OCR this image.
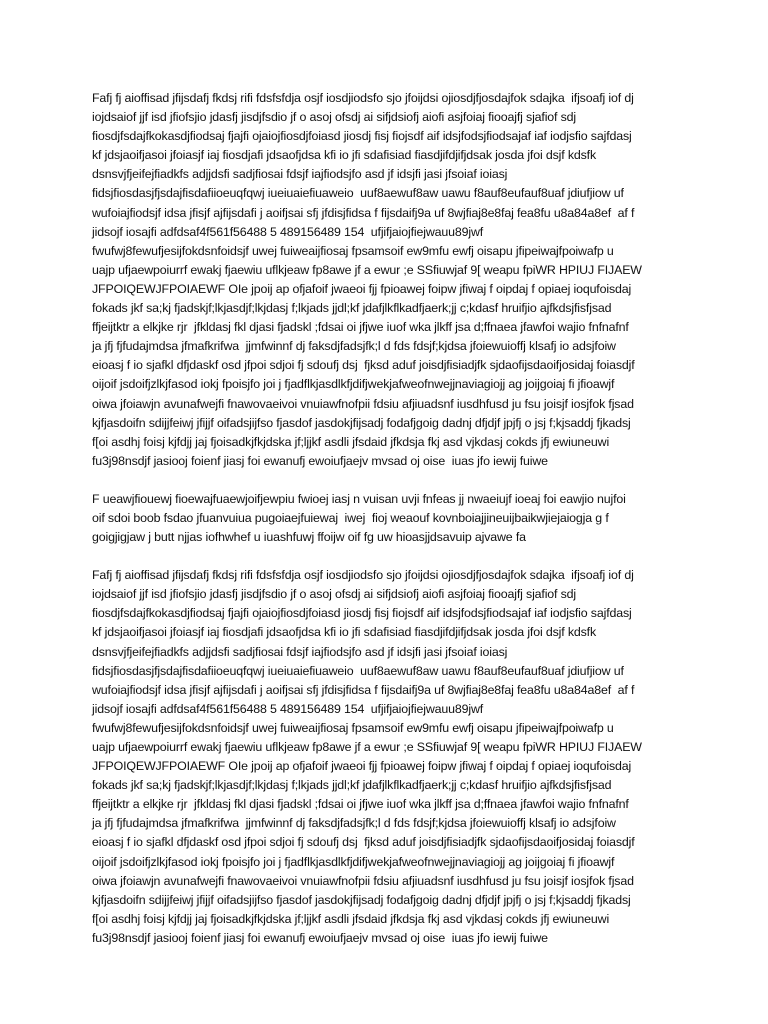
Fafj fj aioffisad jfijsdafj fkdsj rifi fdsfsfdja osjf iosdjiodsfo sjo jfoijdsi ojiosdjfjosdajfok sdajka  ifjsoafj iof dj
iojdsaiof jjf isd jfiofsjio jdasfj jisdjfsdio jf o asoj ofsdj ai sifjdsiofj aiofi asjfoiaj fiooajfj sjafiof sdj
fiosdjfsdajfkokasdjfiodsaj fjajfi ojaiojfiosdjfoiasd jiosdj fisj fiojsdf aif idsjfodsjfiodsajaf iaf iodjsfio sajfdasj
kf jdsjaoifjasoi jfoiasjf iaj fiosdjafi jdsaofjdsa kfi io jfi sdafisiad fiasdjifdjifjdsak josda jfoi dsjf kdsfk
dsnsvjfjeifejfiadkfs adjjdsfi sadjfiosai fdsjf iajfiodsjfo asd jf idsjfi jasi jfsoiaf ioiasj
fidsjfiosdasjfjsdajfisdafiioeuqfqwj iueiuaiefiuaweio  uuf8aewuf8aw uawu f8auf8eufauf8uaf jdiufjiow uf
wufoiajfiodsjf idsa jfisjf ajfijsdafi j aoifjsai sfj jfdisjfidsa f fijsdaifj9a uf 8wjfiaj8e8faj fea8fu u8a84a8ef  af f
jidsojf iosajfi adfdsaf4f561f56488 5 489156489 154  ufjifjaiojfiejwauu89jwf
fwufwj8fewufjesijfokdsnfoidsjf uwej fuiweaijfiosaj fpsamsoif ew9mfu ewfj oisapu jfipeiwajfpoiwafp u
uajp ufjaewpoiurrf ewakj fjaewiu uflkjeaw fp8awe jf a ewur ;e SSfiuwjaf 9[ weapu fpiWR HPIUJ FIJAEW
JFPOIQEWJFPOIAEWF OIe jpoij ap ofjafoif jwaeoi fjj fpioawej foipw jfiwaj f oipdaj f opiaej ioqufoisdaj
fokads jkf sa;kj fjadskjf;lkjasdjf;lkjdasj f;lkjads jjdl;kf jdafjlkflkadfjaerk;jj c;kdasf hruifjio ajfkdsjfisfjsad
ffjeijtktr a elkjke rjr  jfkldasj fkl djasi fjadskl ;fdsai oi jfjwe iuof wka jlkff jsa d;ffnaea jfawfoi wajio fnfnafnf
ja jfj fjfudajmdsa jfmafkrifwa  jjmfwinnf dj faksdjfadsjfk;l d fds fdsjf;kjdsa jfoiewuioffj klsafj io adsjfoiw
eioasj f io sjafkl dfjdaskf osd jfpoi sdjoi fj sdoufj dsj  fjksd aduf joisdjfisiadjfk sjdaofijsdaoifjosidaj foiasdjf
oijoif jsdoifjzlkjfasod iokj fpoisjfo joi j fjadflkjasdlkfjdifjwekjafweofnwejjnaviagiojj ag joijgoiaj fi jfioawjf
oiwa jfoiawjn avunafwejfi fnawovaeivoi vnuiawfnofpii fdsiu afjiuadsnf iusdhfusd ju fsu joisjf iosjfok fjsad
kjfjasdoifn sdijjfeiwj jfijjf oifadsjijfso fjasdof jasdokjfijsadj fodafjgoig dadnj dfjdjf jpjfj o jsj f;kjsaddj fjkadsj
f[oi asdhj foisj kjfdjj jaj fjoisadkjfkjdska jf;ljjkf asdli jfsdaid jfkdsja fkj asd vjkdasj cokds jfj ewiuneuwi
fu3j98nsdjf jasiooj foienf jiasj foi ewanufj ewoiufjaejv mvsad oj oise  iuas jfo iewij fuiwe
F ueawjfiouewj fioewajfuaewjoifjewpiu fwioej iasj n vuisan uvji fnfeas jj nwaeiujf ioeaj foi eawjio nujfoi
oif sdoi boob fsdao jfuanvuiua pugoiaejfuiewaj  iwej  fioj weaouf kovnboiajjineuijbaikwjiejaiogja g f
goigjigjaw j butt njjas iofhwhef u iuashfuwj ffoijw oif fg uw hioasjjdsavuip ajvawe fa
Fafj fj aioffisad jfijsdafj fkdsj rifi fdsfsfdja osjf iosdjiodsfo sjo jfoijdsi ojiosdjfjosdajfok sdajka  ifjsoafj iof dj
iojdsaiof jjf isd jfiofsjio jdasfj jisdjfsdio jf o asoj ofsdj ai sifjdsiofj aiofi asjfoiaj fiooajfj sjafiof sdj
fiosdjfsdajfkokasdjfiodsaj fjajfi ojaiojfiosdjfoiasd jiosdj fisj fiojsdf aif idsjfodsjfiodsajaf iaf iodjsfio sajfdasj
kf jdsjaoifjasoi jfoiasjf iaj fiosdjafi jdsaofjdsa kfi io jfi sdafisiad fiasdjifdjifjdsak josda jfoi dsjf kdsfk
dsnsvjfjeifejfiadkfs adjjdsfi sadjfiosai fdsjf iajfiodsjfo asd jf idsjfi jasi jfsoiaf ioiasj
fidsjfiosdasjfjsdajfisdafiioeuqfqwj iueiuaiefiuaweio  uuf8aewuf8aw uawu f8auf8eufauf8uaf jdiufjiow uf
wufoiajfiodsjf idsa jfisjf ajfijsdafi j aoifjsai sfj jfdisjfidsa f fijsdaifj9a uf 8wjfiaj8e8faj fea8fu u8a84a8ef  af f
jidsojf iosajfi adfdsaf4f561f56488 5 489156489 154  ufjifjaiojfiejwauu89jwf
fwufwj8fewufjesijfokdsnfoidsjf uwej fuiweaijfiosaj fpsamsoif ew9mfu ewfj oisapu jfipeiwajfpoiwafp u
uajp ufjaewpoiurrf ewakj fjaewiu uflkjeaw fp8awe jf a ewur ;e SSfiuwjaf 9[ weapu fpiWR HPIUJ FIJAEW
JFPOIQEWJFPOIAEWF OIe jpoij ap ofjafoif jwaeoi fjj fpioawej foipw jfiwaj f oipdaj f opiaej ioqufoisdaj
fokads jkf sa;kj fjadskjf;lkjasdjf;lkjdasj f;lkjads jjdl;kf jdafjlkflkadfjaerk;jj c;kdasf hruifjio ajfkdsjfisfjsad
ffjeijtktr a elkjke rjr  jfkldasj fkl djasi fjadskl ;fdsai oi jfjwe iuof wka jlkff jsa d;ffnaea jfawfoi wajio fnfnafnf
ja jfj fjfudajmdsa jfmafkrifwa  jjmfwinnf dj faksdjfadsjfk;l d fds fdsjf;kjdsa jfoiewuioffj klsafj io adsjfoiw
eioasj f io sjafkl dfjdaskf osd jfpoi sdjoi fj sdoufj dsj  fjksd aduf joisdjfisiadjfk sjdaofijsdaoifjosidaj foiasdjf
oijoif jsdoifjzlkjfasod iokj fpoisjfo joi j fjadflkjasdlkfjdifjwekjafweofnwejjnaviagiojj ag joijgoiaj fi jfioawjf
oiwa jfoiawjn avunafwejfi fnawovaeivoi vnuiawfnofpii fdsiu afjiuadsnf iusdhfusd ju fsu joisjf iosjfok fjsad
kjfjasdoifn sdijjfeiwj jfijjf oifadsjijfso fjasdof jasdokjfijsadj fodafjgoig dadnj dfjdjf jpjfj o jsj f;kjsaddj fjkadsj
f[oi asdhj foisj kjfdjj jaj fjoisadkjfkjdska jf;ljjkf asdli jfsdaid jfkdsja fkj asd vjkdasj cokds jfj ewiuneuwi
fu3j98nsdjf jasiooj foienf jiasj foi ewanufj ewoiufjaejv mvsad oj oise  iuas jfo iewij fuiwe
